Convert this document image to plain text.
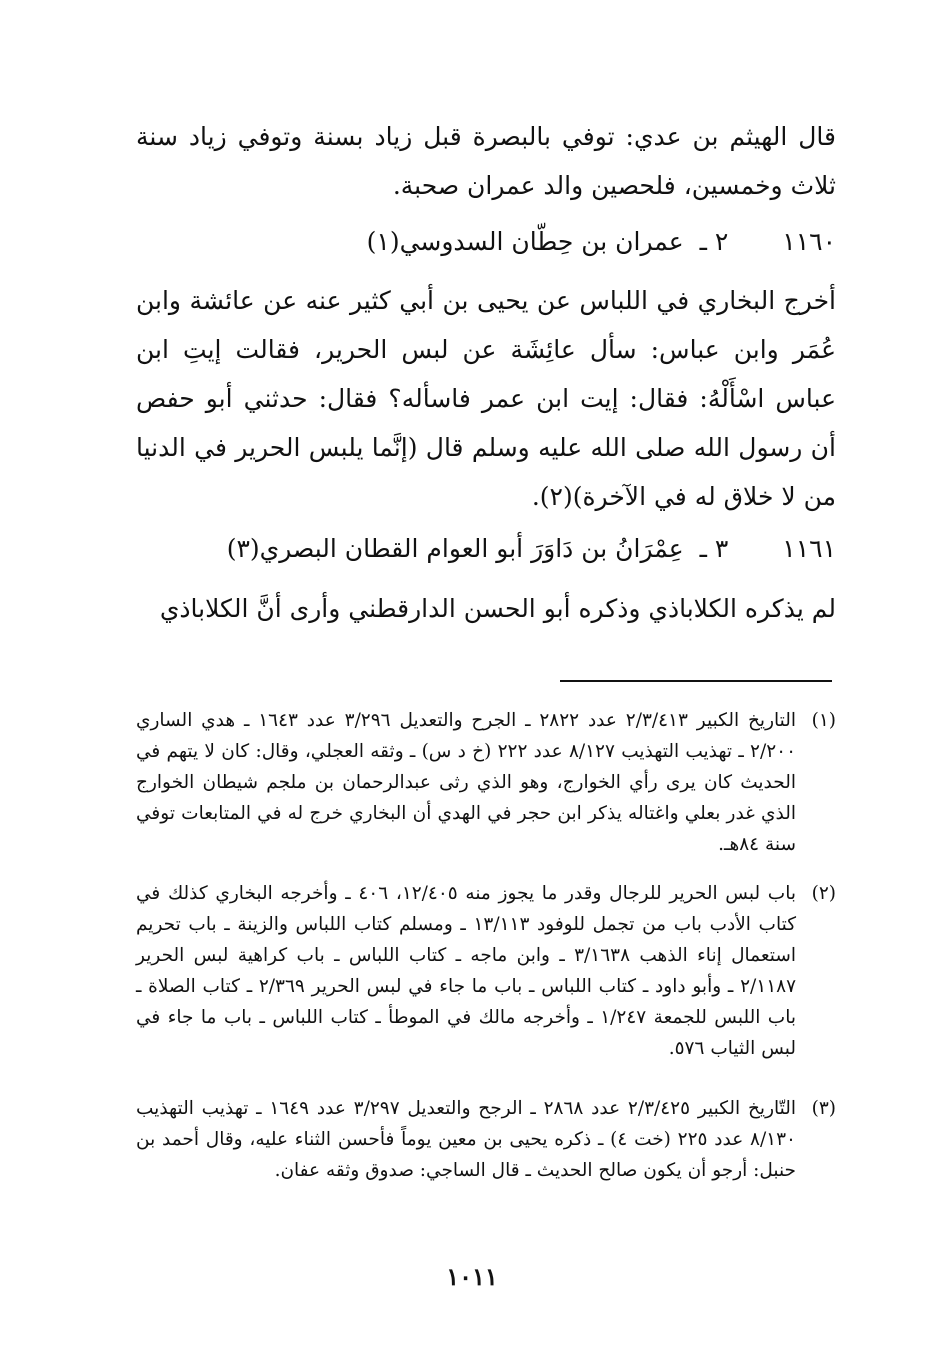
قال الهيثم بن عدي: توفي بالبصرة قبل زياد بسنة وتوفي زياد سنة ثلاث وخمسين، فلحصين والد عمران صحبة.

١١٦٠ ٢ ـ عمران بن حِطّان السدوسي(١)

أخرج البخاري في اللباس عن يحيى بن أبي كثير عنه عن عائشة وابن عُمَر وابن عباس: سأل عائِشَة عن لبس الحرير، فقالت إيتِ ابن عباس اسْأَلْهُ: فقال: إيت ابن عمر فاسأله؟ فقال: حدثني أبو حفص أن رسول الله صلى الله عليه وسلم قال (إنَّما يلبس الحرير في الدنيا من لا خلاق له في الآخرة)(٢).

١١٦١ ٣ ـ عِمْرَانُ بن دَاوَرَ أبو العوام القطان البصري(٣)

لم يذكره الكلاباذي وذكره أبو الحسن الدارقطني وأرى أنَّ الكلاباذي

(١)
التاريخ الكبير ٢/٣/٤١٣ عدد ٢٨٢٢ ـ الجرح والتعديل ٣/٢٩٦ عدد ١٦٤٣ ـ هدي الساري ٢/٢٠٠ ـ تهذيب التهذيب ٨/١٢٧ عدد ٢٢٢ (خ د س) ـ وثقه العجلي، وقال: كان لا يتهم في الحديث كان يرى رأي الخوارج، وهو الذي رثى عبدالرحمان بن ملجم شيطان الخوارج الذي غدر بعلي واغتاله يذكر ابن حجر في الهدي أن البخاري خرج له في المتابعات توفي سنة ٨٤هـ.
(٢)
باب لبس الحرير للرجال وقدر ما يجوز منه ١٢/٤٠٥، ٤٠٦ ـ وأخرجه البخاري كذلك في كتاب الأدب باب من تجمل للوفود ١٣/١١٣ ـ ومسلم كتاب اللباس والزينة ـ باب تحريم استعمال إناء الذهب ٣/١٦٣٨ ـ وابن ماجه ـ كتاب اللباس ـ باب كراهية لبس الحرير ٢/١١٨٧ ـ وأبو داود ـ كتاب اللباس ـ باب ما جاء في لبس الحرير ٢/٣٦٩ ـ كتاب الصلاة ـ باب اللبس للجمعة ١/٢٤٧ ـ وأخرجه مالك في الموطأ ـ كتاب اللباس ـ باب ما جاء في لبس الثياب ٥٧٦.
(٣)
التّاريخ الكبير ٢/٣/٤٢٥ عدد ٢٨٦٨ ـ الرجح والتعديل ٣/٢٩٧ عدد ١٦٤٩ ـ تهذيب التهذيب ٨/١٣٠ عدد ٢٢٥ (خت ٤) ـ ذكره يحيى بن معين يوماً فأحسن الثناء عليه، وقال أحمد بن حنبل: أرجو أن يكون صالح الحديث ـ قال الساجي: صدوق وثقه عفان.
١٠١١
